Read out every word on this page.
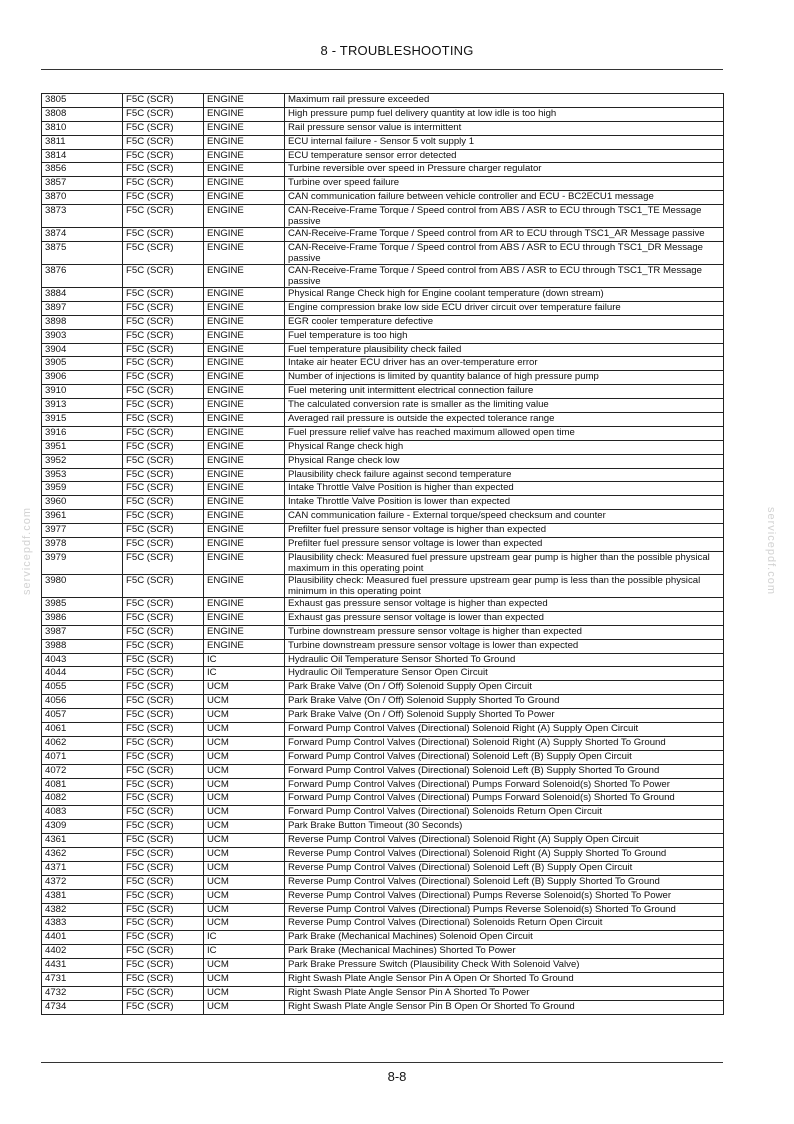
8 - TROUBLESHOOTING
3805	F5C (SCR)	ENGINE	Maximum rail pressure exceeded
3808	F5C (SCR)	ENGINE	High pressure pump fuel delivery quantity at low idle is too high
3810	F5C (SCR)	ENGINE	Rail pressure sensor value is intermittent
3811	F5C (SCR)	ENGINE	ECU internal failure - Sensor 5 volt supply 1
3814	F5C (SCR)	ENGINE	ECU temperature sensor error detected
3856	F5C (SCR)	ENGINE	Turbine reversible over speed in Pressure charger regulator
3857	F5C (SCR)	ENGINE	Turbine over speed failure
3870	F5C (SCR)	ENGINE	CAN communication failure between vehicle controller and ECU - BC2ECU1 message
3873	F5C (SCR)	ENGINE	CAN-Receive-Frame Torque / Speed control from ABS / ASR to ECU through TSC1_TE Message passive
3874	F5C (SCR)	ENGINE	CAN-Receive-Frame Torque / Speed control from AR to ECU through TSC1_AR Message passive
3875	F5C (SCR)	ENGINE	CAN-Receive-Frame Torque / Speed control from ABS / ASR to ECU through TSC1_DR Message passive
3876	F5C (SCR)	ENGINE	CAN-Receive-Frame Torque / Speed control from ABS / ASR to ECU through TSC1_TR Message passive
3884	F5C (SCR)	ENGINE	Physical Range Check high for Engine coolant temperature (down stream)
3897	F5C (SCR)	ENGINE	Engine compression brake low side ECU driver circuit over temperature failure
3898	F5C (SCR)	ENGINE	EGR cooler temperature defective
3903	F5C (SCR)	ENGINE	Fuel temperature is too high
3904	F5C (SCR)	ENGINE	Fuel temperature plausibility check failed
3905	F5C (SCR)	ENGINE	Intake air heater ECU driver has an over-temperature error
3906	F5C (SCR)	ENGINE	Number of injections is limited by quantity balance of high pressure pump
3910	F5C (SCR)	ENGINE	Fuel metering unit intermittent electrical connection failure
3913	F5C (SCR)	ENGINE	The calculated conversion rate is smaller as the limiting value
3915	F5C (SCR)	ENGINE	Averaged rail pressure is outside the expected tolerance range
3916	F5C (SCR)	ENGINE	Fuel pressure relief valve has reached maximum allowed open time
3951	F5C (SCR)	ENGINE	Physical Range check high
3952	F5C (SCR)	ENGINE	Physical Range check low
3953	F5C (SCR)	ENGINE	Plausibility check failure against second temperature
3959	F5C (SCR)	ENGINE	Intake Throttle Valve Position is higher than expected
3960	F5C (SCR)	ENGINE	Intake Throttle Valve Position is lower than expected
3961	F5C (SCR)	ENGINE	CAN communication failure - External torque/speed checksum and counter
3977	F5C (SCR)	ENGINE	Prefilter fuel pressure sensor voltage is higher than expected
3978	F5C (SCR)	ENGINE	Prefilter fuel pressure sensor voltage is lower than expected
3979	F5C (SCR)	ENGINE	Plausibility check: Measured fuel pressure upstream gear pump is higher than the possible physical maximum in this operating point
3980	F5C (SCR)	ENGINE	Plausibility check: Measured fuel pressure upstream gear pump is less than the possible physical minimum in this operating point
3985	F5C (SCR)	ENGINE	Exhaust gas pressure sensor voltage is higher than expected
3986	F5C (SCR)	ENGINE	Exhaust gas pressure sensor voltage is lower than expected
3987	F5C (SCR)	ENGINE	Turbine downstream pressure sensor voltage is higher than expected
3988	F5C (SCR)	ENGINE	Turbine downstream pressure sensor voltage is lower than expected
4043	F5C (SCR)	IC	Hydraulic Oil Temperature Sensor Shorted To Ground
4044	F5C (SCR)	IC	Hydraulic Oil Temperature Sensor Open Circuit
4055	F5C (SCR)	UCM	Park Brake Valve (On / Off) Solenoid Supply Open Circuit
4056	F5C (SCR)	UCM	Park Brake Valve (On / Off) Solenoid Supply Shorted To Ground
4057	F5C (SCR)	UCM	Park Brake Valve (On / Off) Solenoid Supply Shorted To Power
4061	F5C (SCR)	UCM	Forward Pump Control Valves (Directional) Solenoid Right (A) Supply Open Circuit
4062	F5C (SCR)	UCM	Forward Pump Control Valves (Directional) Solenoid Right (A) Supply Shorted To Ground
4071	F5C (SCR)	UCM	Forward Pump Control Valves (Directional) Solenoid Left (B) Supply Open Circuit
4072	F5C (SCR)	UCM	Forward Pump Control Valves (Directional) Solenoid Left (B) Supply Shorted To Ground
4081	F5C (SCR)	UCM	Forward Pump Control Valves (Directional) Pumps Forward Solenoid(s) Shorted To Power
4082	F5C (SCR)	UCM	Forward Pump Control Valves (Directional) Pumps Forward Solenoid(s) Shorted To Ground
4083	F5C (SCR)	UCM	Forward Pump Control Valves (Directional) Solenoids Return Open Circuit
4309	F5C (SCR)	UCM	Park Brake Button Timeout (30 Seconds)
4361	F5C (SCR)	UCM	Reverse Pump Control Valves (Directional) Solenoid Right (A) Supply Open Circuit
4362	F5C (SCR)	UCM	Reverse Pump Control Valves (Directional) Solenoid Right (A) Supply Shorted To Ground
4371	F5C (SCR)	UCM	Reverse Pump Control Valves (Directional) Solenoid Left (B) Supply Open Circuit
4372	F5C (SCR)	UCM	Reverse Pump Control Valves (Directional) Solenoid Left (B) Supply Shorted To Ground
4381	F5C (SCR)	UCM	Reverse Pump Control Valves (Directional) Pumps Reverse Solenoid(s) Shorted To Power
4382	F5C (SCR)	UCM	Reverse Pump Control Valves (Directional) Pumps Reverse Solenoid(s) Shorted To Ground
4383	F5C (SCR)	UCM	Reverse Pump Control Valves (Directional) Solenoids Return Open Circuit
4401	F5C (SCR)	IC	Park Brake (Mechanical Machines) Solenoid Open Circuit
4402	F5C (SCR)	IC	Park Brake (Mechanical Machines) Shorted To Power
4431	F5C (SCR)	UCM	Park Brake Pressure Switch (Plausibility Check With Solenoid Valve)
4731	F5C (SCR)	UCM	Right Swash Plate Angle Sensor Pin A Open Or Shorted To Ground
4732	F5C (SCR)	UCM	Right Swash Plate Angle Sensor Pin A Shorted To Power
4734	F5C (SCR)	UCM	Right Swash Plate Angle Sensor Pin B Open Or Shorted To Ground
8-8
servicepdf.com	servicepdf.com
